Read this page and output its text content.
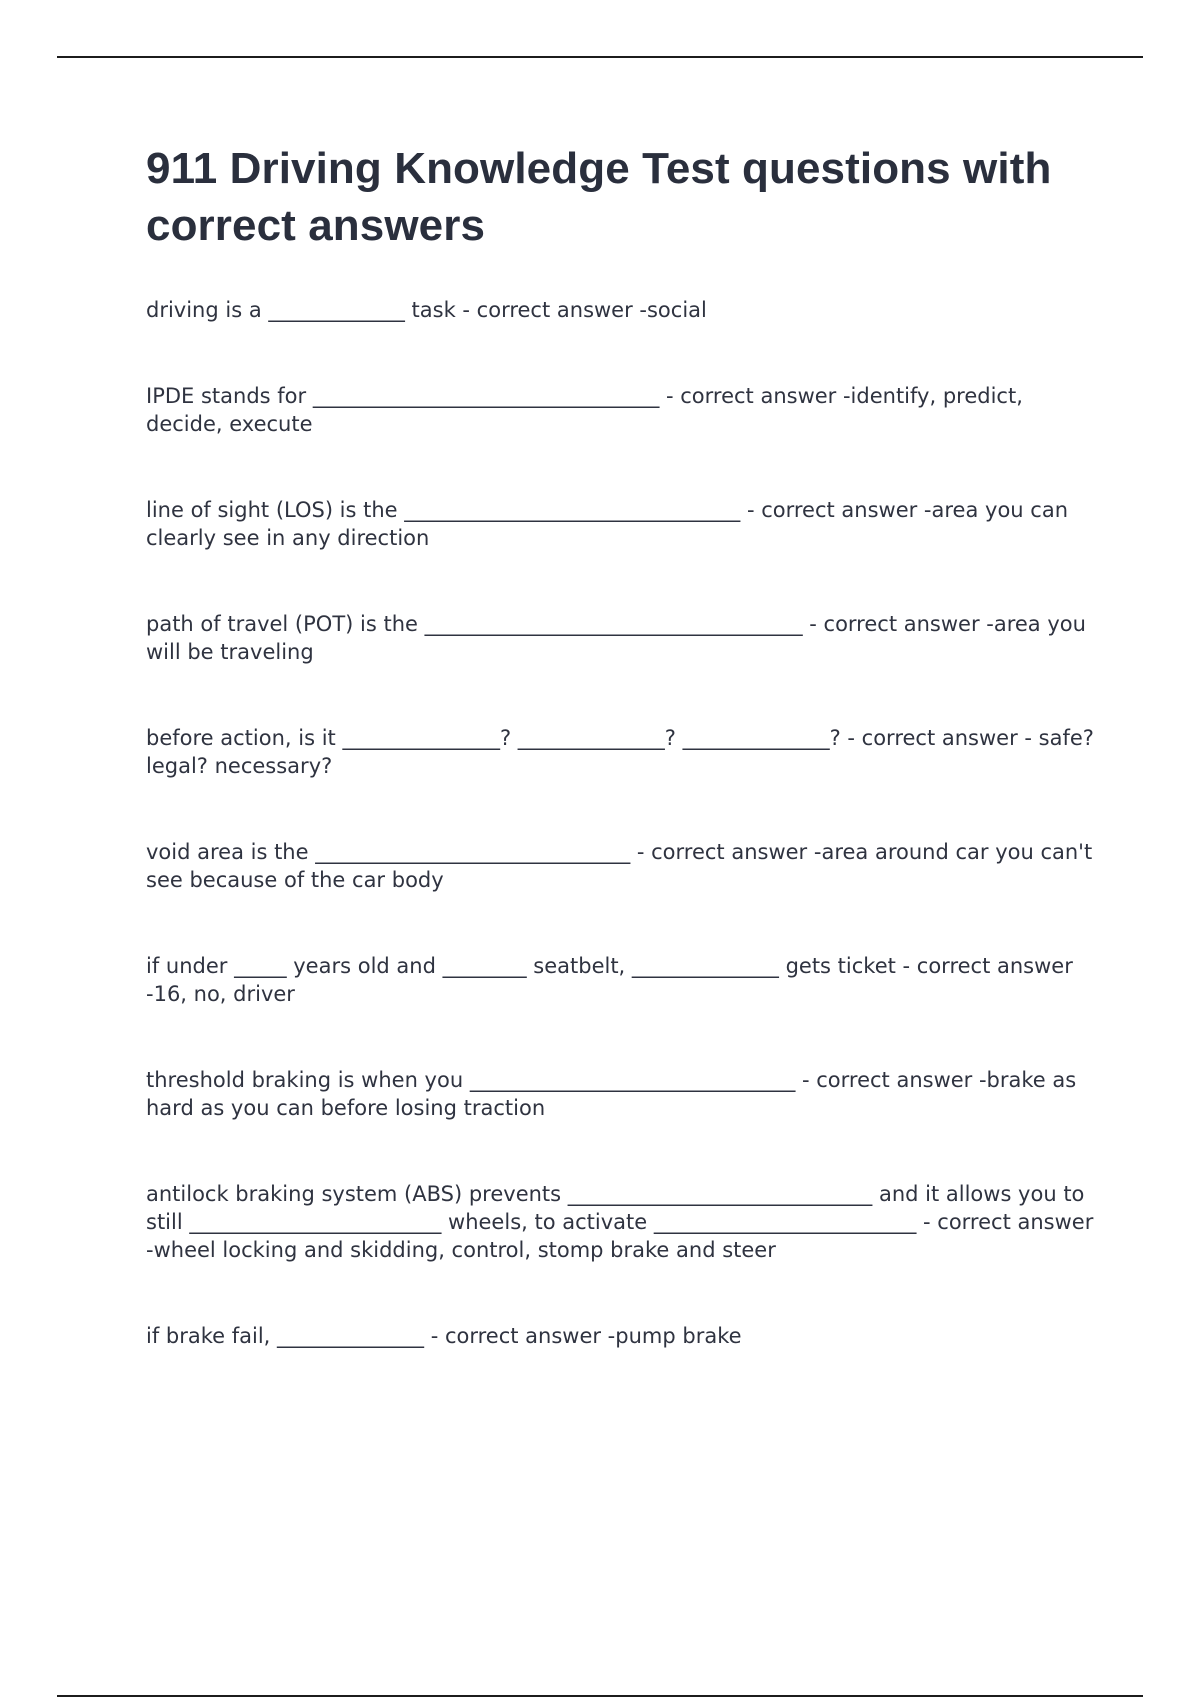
911 Driving Knowledge Test questions with correct answers

driving is a _____________ task - correct answer -social

IPDE stands for _________________________________ - correct answer -identify, predict, decide, execute

line of sight (LOS) is the ________________________________ - correct answer -area you can clearly see in any direction

path of travel (POT) is the ____________________________________ - correct answer -area you will be traveling

before action, is it _______________? ______________? ______________? - correct answer - safe? legal? necessary?

void area is the ______________________________ - correct answer -area around car you can't see because of the car body

if under _____ years old and ________ seatbelt, ______________ gets ticket - correct answer -16, no, driver

threshold braking is when you _______________________________ - correct answer -brake as hard as you can before losing traction

antilock braking system (ABS) prevents _____________________________ and it allows you to still ________________________ wheels, to activate _________________________ - correct answer -wheel locking and skidding, control, stomp brake and steer

if brake fail, ______________ - correct answer -pump brake
